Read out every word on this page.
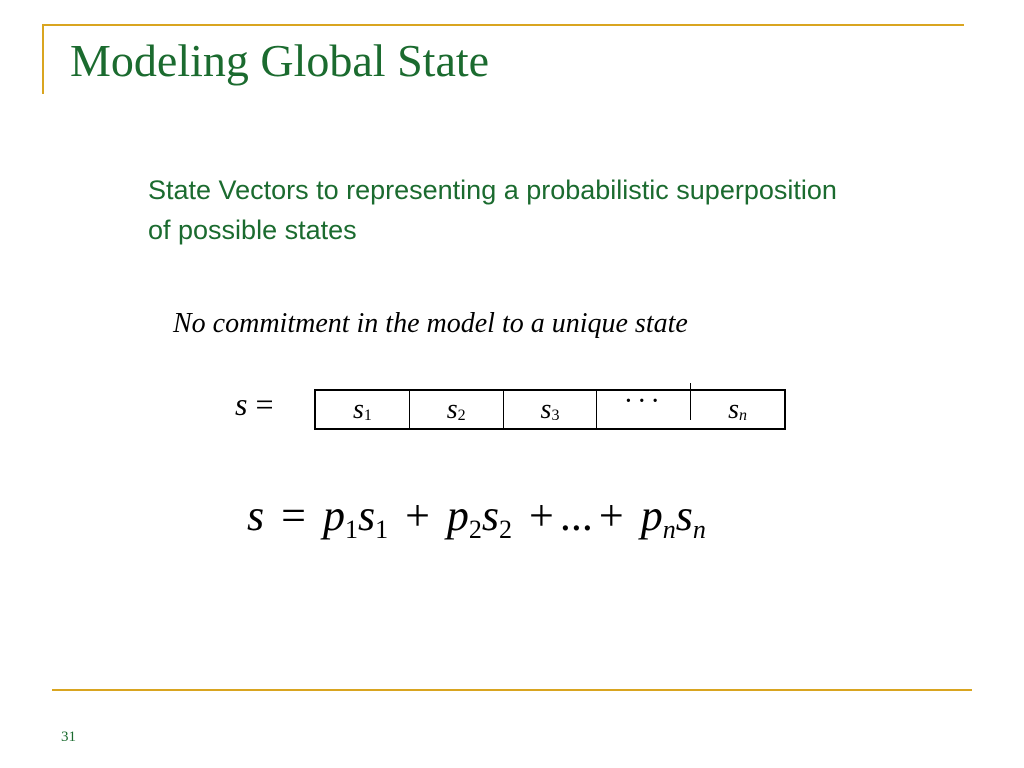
Modeling Global State
State Vectors to representing a probabilistic superposition of possible states
No commitment in the model to a unique state
s =	$s_1$	$s_2$	$s_3$ ··· $s_n$
$s = p_1s_1 + p_2s_2$ + ... + $p_ns_n$
31
